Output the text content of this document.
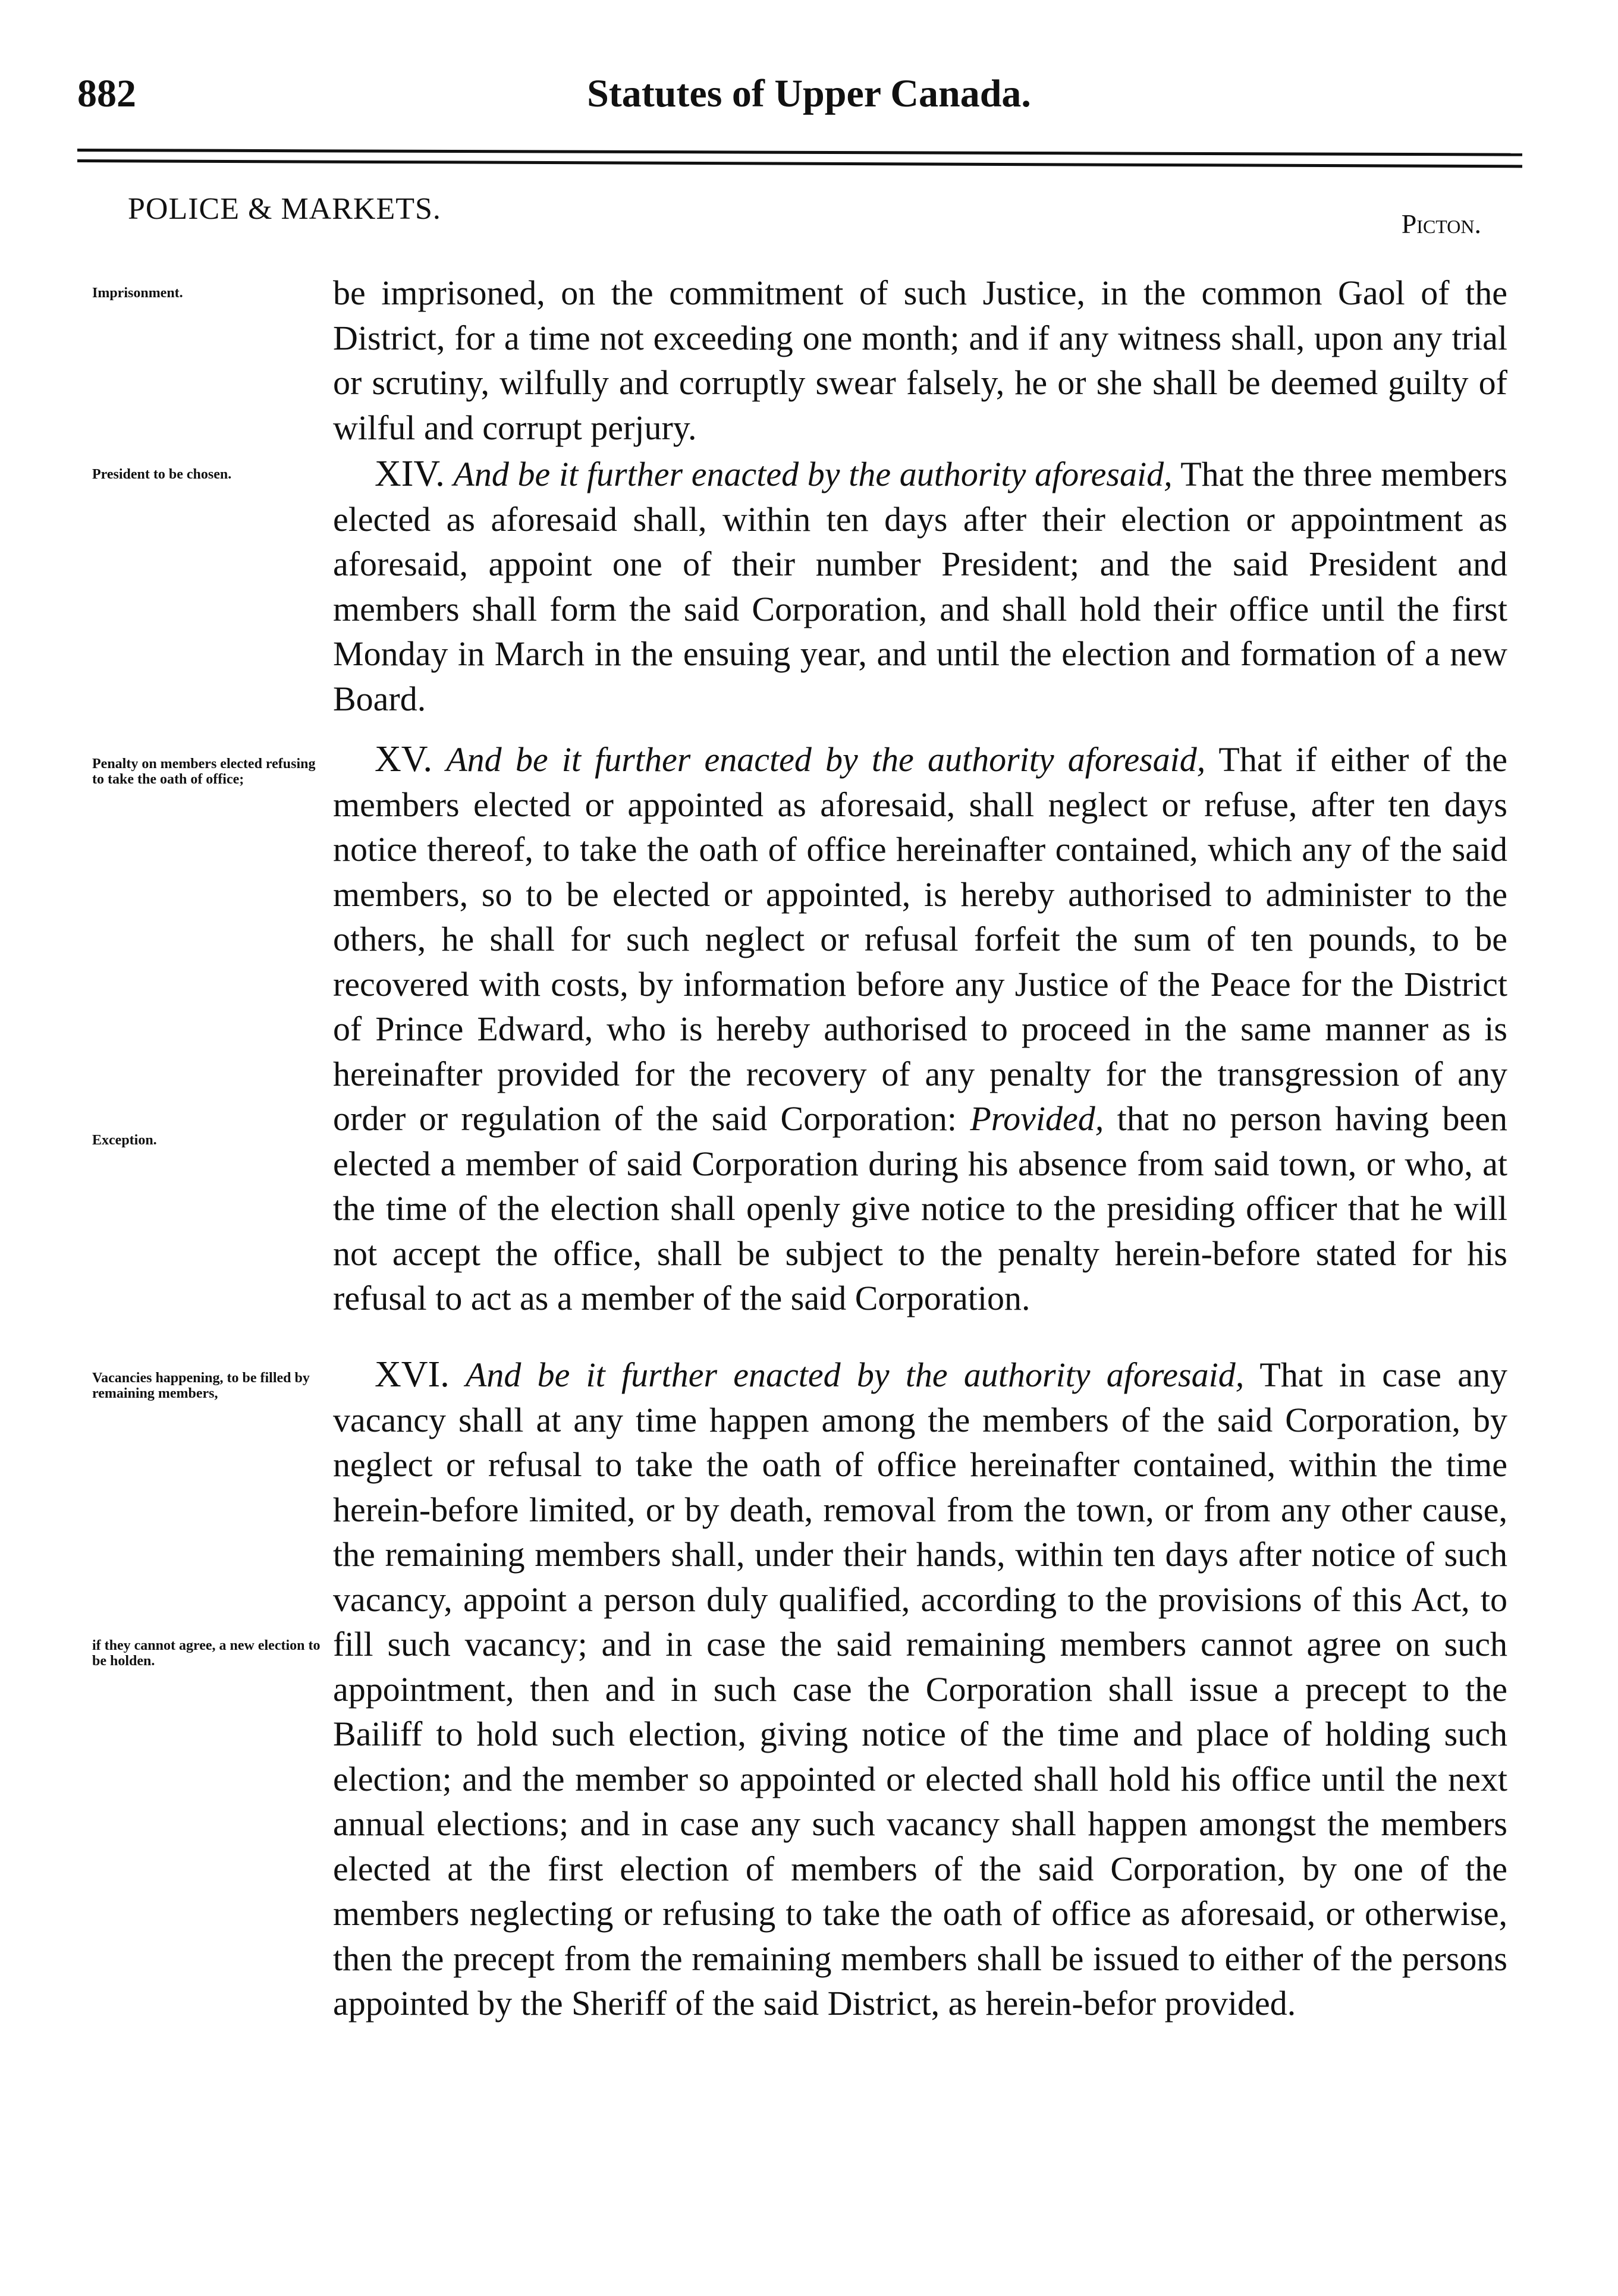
882	Statutes of Upper Canada.
POLICE & MARKETS.	Picton.
Imprisonment.
President to be chosen.
Penalty on members elected refusing to take the oath of office;
Exception.
Vacancies happening, to be filled by remaining members,
if they cannot agree, a new election to be holden.

be imprisoned, on the commitment of such Justice, in the common Gaol of the District, for a time not exceeding one month; and if any witness shall, upon any trial or scrutiny, wilfully and corruptly swear falsely, he or she shall be deemed guilty of wilful and corrupt perjury.

XIV. And be it further enacted by the authority aforesaid, That the three members elected as aforesaid shall, within ten days after their election or appointment as aforesaid, appoint one of their number President; and the said President and members shall form the said Corporation, and shall hold their office until the first Monday in March in the ensuing year, and until the election and formation of a new Board.

XV. And be it further enacted by the authority aforesaid, That if either of the members elected or appointed as aforesaid, shall neglect or refuse, after ten days notice thereof, to take the oath of office hereinafter contained, which any of the said members, so to be elected or appointed, is hereby authorised to administer to the others, he shall for such neglect or refusal forfeit the sum of ten pounds, to be recovered with costs, by information before any Justice of the Peace for the District of Prince Edward, who is hereby authorised to proceed in the same manner as is hereinafter provided for the recovery of any penalty for the transgression of any order or regulation of the said Corporation: Provided, that no person having been elected a member of said Corporation during his absence from said town, or who, at the time of the election shall openly give notice to the presiding officer that he will not accept the office, shall be subject to the penalty herein-before stated for his refusal to act as a member of the said Corporation.

XVI. And be it further enacted by the authority aforesaid, That in case any vacancy shall at any time happen among the members of the said Corporation, by neglect or refusal to take the oath of office hereinafter contained, within the time herein-before limited, or by death, removal from the town, or from any other cause, the remaining members shall, under their hands, within ten days after notice of such vacancy, appoint a person duly qualified, according to the provisions of this Act, to fill such vacancy; and in case the said remaining members cannot agree on such appointment, then and in such case the Corporation shall issue a precept to the Bailiff to hold such election, giving notice of the time and place of holding such election; and the member so appointed or elected shall hold his office until the next annual elections; and in case any such vacancy shall happen amongst the members elected at the first election of members of the said Corporation, by one of the members neglecting or refusing to take the oath of office as aforesaid, or otherwise, then the precept from the remaining members shall be issued to either of the persons appointed by the Sheriff of the said District, as herein-befor provided.
